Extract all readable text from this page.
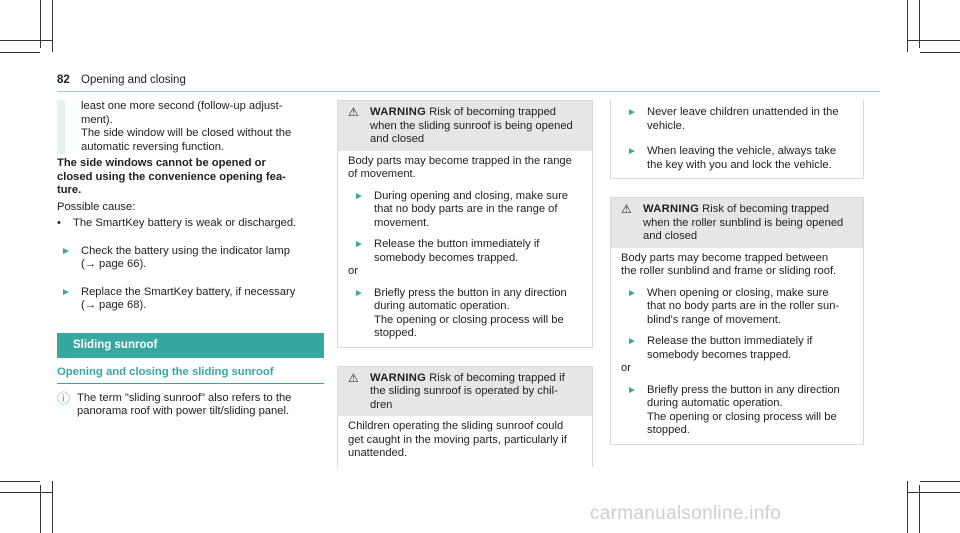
82 Opening and closing

least one more second (follow-up adjust-

ment).

The side window will be closed without the

automatic reversing function.

The side windows cannot be opened or

closed using the convenience opening fea-

ture.

Possible cause:

•	The SmartKey battery is weak or discharged.
► Check the battery using the indicator lamp

(→ page 66).

► Replace the SmartKey battery, if necessary

(→ page 68).

Sliding sunroof
Opening and closing the sliding sunroof
ⓘ The term "sliding sunroof" also refers to the

panorama roof with power tilt/sliding panel.

⚠	WARNING Risk of becoming trapped

when the sliding sunroof is being opened

and closed

Body parts may become trapped in the range

of movement.

► During opening and closing, make sure

that no body parts are in the range of

movement.

► Release the button immediately if

somebody becomes trapped.

or

► Briefly press the button in any direction

during automatic operation.

The opening or closing process will be

stopped.

⚠	WARNING Risk of becoming trapped if

the sliding sunroof is operated by chil-

dren

Children operating the sliding sunroof could

get caught in the moving parts, particularly if

unattended.

► Never leave children unattended in the

vehicle.

► When leaving the vehicle, always take

the key with you and lock the vehicle.

⚠	WARNING Risk of becoming trapped

when the roller sunblind is being opened

and closed

Body parts may become trapped between

the roller sunblind and frame or sliding roof.

► When opening or closing, make sure

that no body parts are in the roller sun-

blind's range of movement.

► Release the button immediately if

somebody becomes trapped.

or

► Briefly press the button in any direction

during automatic operation.

The opening or closing process will be

stopped.

carmanualsonline.info
